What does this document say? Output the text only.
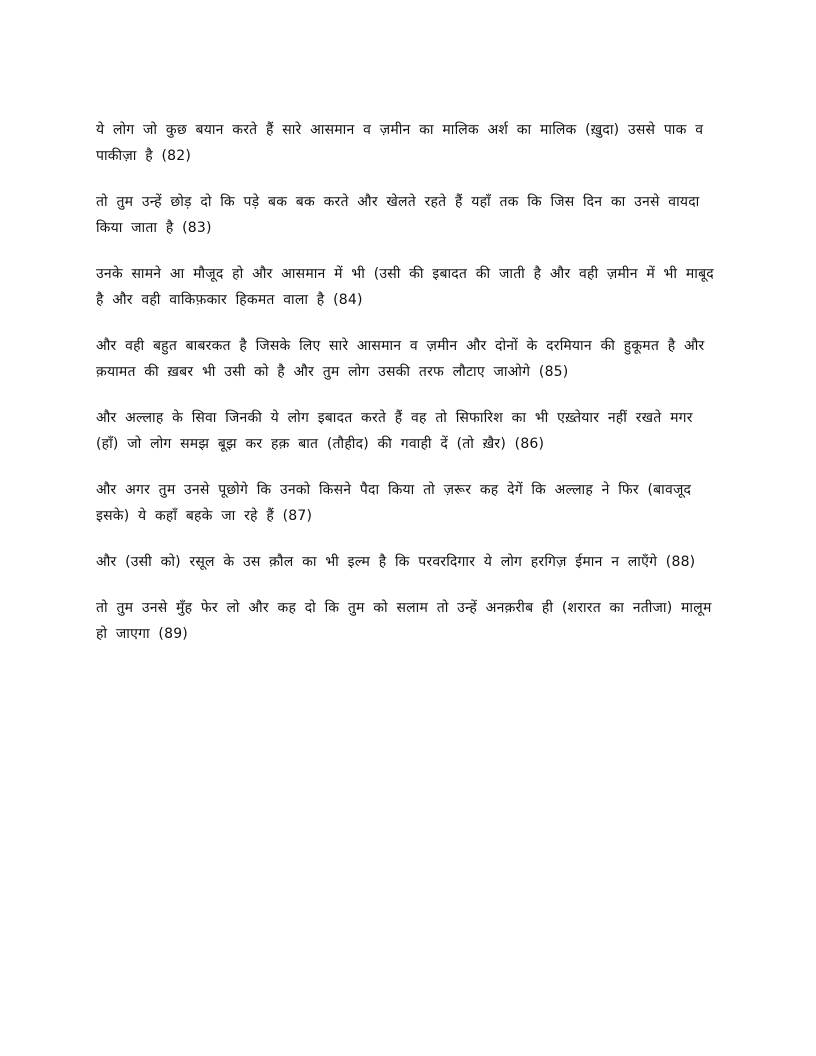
ये लोग जो कुछ बयान करते हैं सारे आसमान व ज़मीन का मालिक अर्श का मालिक (ख़ुदा) उससे पाक व पाकीज़ा है (82)

तो तुम उन्हें छोड़ दो कि पड़े बक बक करते और खेलते रहते हैं यहाँ तक कि जिस दिन का उनसे वायदा किया जाता है (83)

उनके सामने आ मौजूद हो और आसमान में भी (उसी की इबादत की जाती है और वही ज़मीन में भी माबूद है और वही वाकिफ़कार हिकमत वाला है (84)

और वही बहुत बाबरकत है जिसके लिए सारे आसमान व ज़मीन और दोनों के दरमियान की हुकूमत है और क़यामत की ख़बर भी उसी को है और तुम लोग उसकी तरफ लौटाए जाओगे (85)

और अल्लाह के सिवा जिनकी ये लोग इबादत करते हैं वह तो सिफारिश का भी एख़्तेयार नहीं रखते मगर (हाँ) जो लोग समझ बूझ कर हक़ बात (तौहीद) की गवाही दें (तो ख़ैर) (86)

और अगर तुम उनसे पूछोगे कि उनको किसने पैदा किया तो ज़रूर कह देगें कि अल्लाह ने फिर (बावजूद इसके) ये कहाँ बहके जा रहे हैं (87)

और (उसी को) रसूल के उस क़ौल का भी इल्म है कि परवरदिगार ये लोग हरगिज़ ईमान न लाएँगे (88)

तो तुम उनसे मुँह फेर लो और कह दो कि तुम को सलाम तो उन्हें अनक़रीब ही (शरारत का नतीजा) मालूम हो जाएगा (89)
